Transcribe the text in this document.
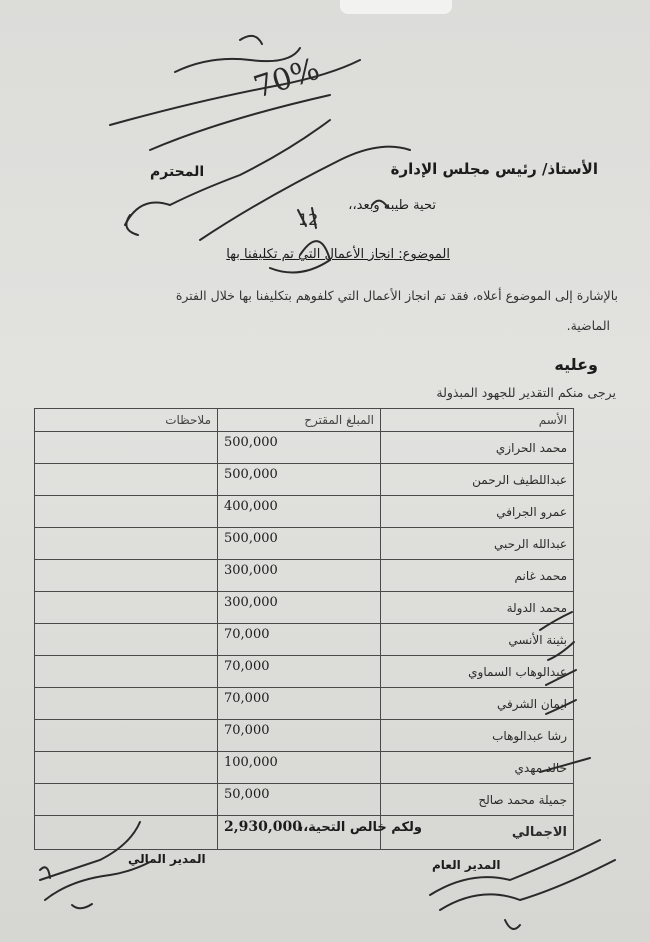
الأستاذ/ رئيس مجلس الإدارة
المحترم
تحية طيبه وبعد،،
الموضوع: انجاز الأعمال التي تم تكليفنا بها
بالإشارة إلى الموضوع أعلاه، فقد تم انجاز الأعمال التي كلفوهم بتكليفنا بها خلال الفترة
الماضية.
وعليه
يرجى منكم التقدير للجهود المبذولة
الأسم	المبلغ المقترح	ملاحظات
محمد الحرازي	500,000	
عبداللطيف الرحمن	500,000	
عمرو الجرافي	400,000	
عبدالله الرحبي	500,000	
محمد غانم	300,000	
محمد الدولة	300,000	
بثينة الأنسي	70,000	
عبدالوهاب السماوي	70,000	
ايمان الشرفي	70,000	
رشا عبدالوهاب	70,000	
خالد مهدي	100,000	
جميلة محمد صالح	50,000	
الاجمالي	2,930,000	
ولكم خالص التحية،،
المدير المالي	المدير العام
70%
12
